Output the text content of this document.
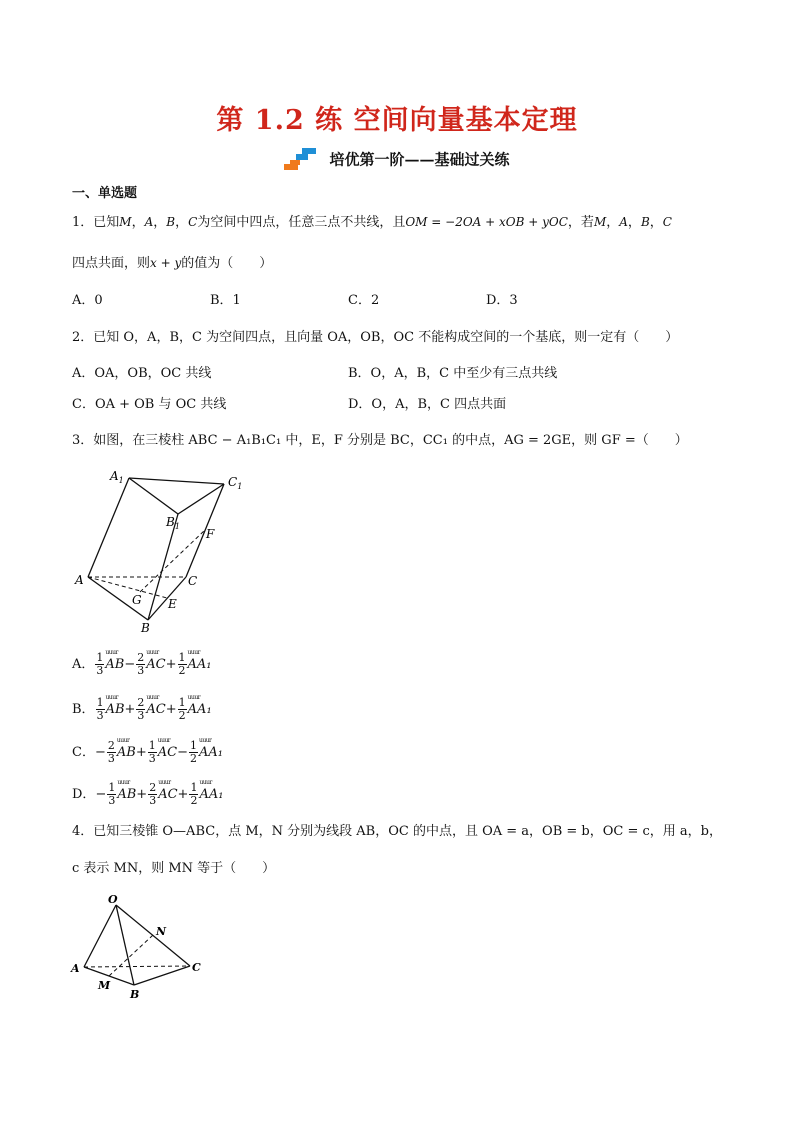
第 1.2 练 空间向量基本定理
培优第一阶——基础过关练
一、单选题
1．已知M，A，B，C为空间中四点，任意三点不共线，且OM = −2OA + xOB + yOC，若M，A，B，C
四点共面，则x + y的值为（　　）
A．0	B．1	C．2	D．3
2．已知 O，A，B，C 为空间四点，且向量 OA，OB，OC 不能构成空间的一个基底，则一定有（　　）
A．OA，OB，OC 共线	B．O，A，B，C 中至少有三点共线
C．OA + OB 与 OC 共线	D．O，A，B，C 四点共面
3．如图，在三棱柱 ABC − A₁B₁C₁ 中，E，F 分别是 BC，CC₁ 的中点，AG = 2GE，则 GF =（　　）
$A_1$	$C_1$
$B_1$
F
A	C
G E
B
A． $\frac{1}{3}$ uuur $AB- \frac{2}{3}$ uuur $AC+ \frac{1}{2}$ uuur AA₁
B． $\frac{1}{3}$ uuur $AB+ \frac{2}{3}$ uuur $AC+ \frac{1}{2}$ uuur AA₁
C．− $\frac{2}{3}$ uuur $AB+ \frac{1}{3}$ uuur $AC- \frac{1}{2}$ uuur AA₁
D．− $\frac{1}{3}$ uuur $AB+ \frac{2}{3}$ uuur $AC+ \frac{1}{2}$ uuur AA₁
4．已知三棱锥 O—ABC，点 M，N 分别为线段 AB，OC 的中点，且 OA = a，OB = b，OC = c，用 a，b，
c 表示 MN，则 MN 等于（　　）
O
N
A	C
M
B
